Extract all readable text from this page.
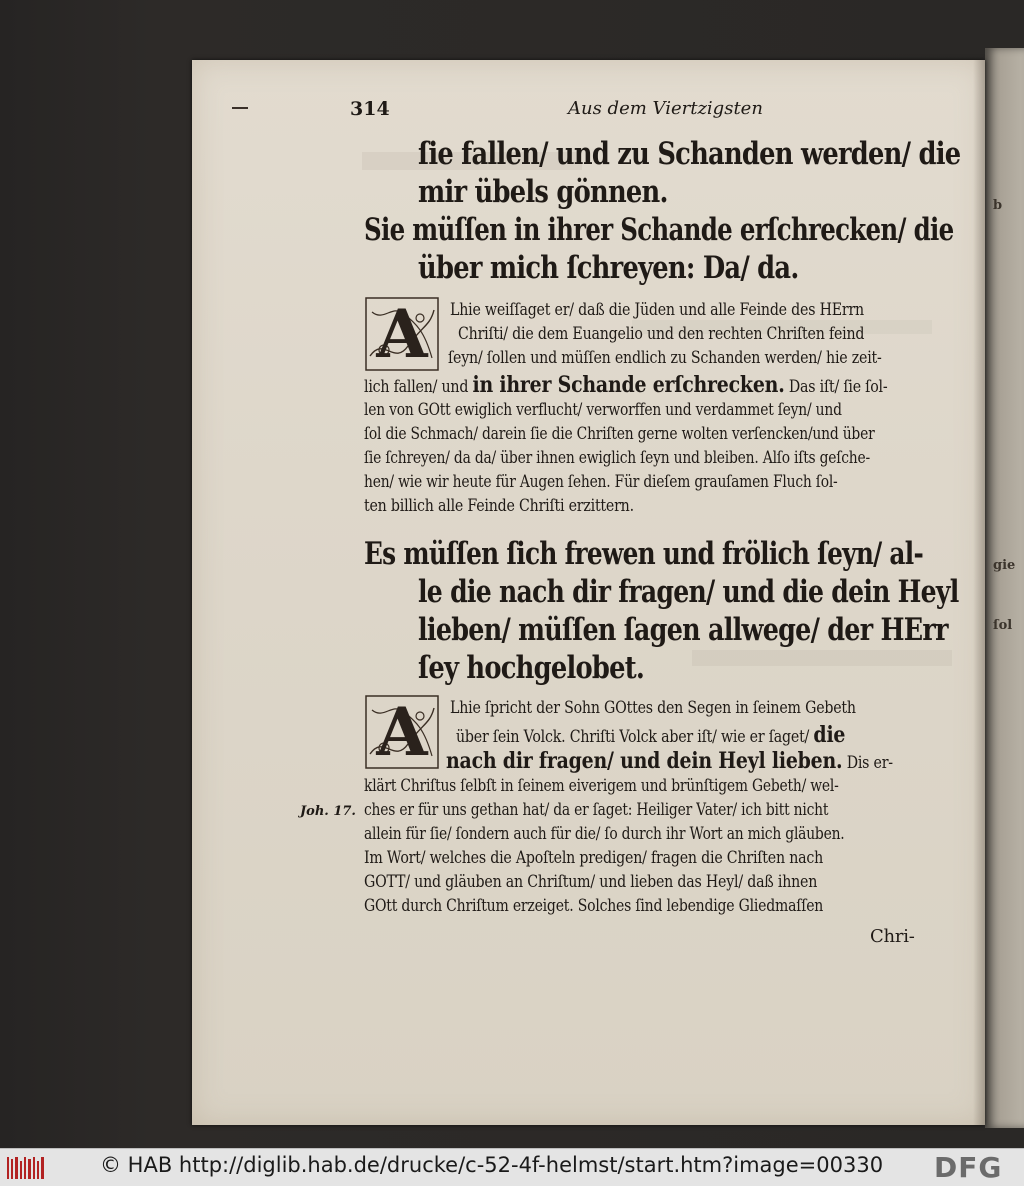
b
gie
ſol
314	Aus dem Viertzigsten
ſie fallen/ und zu Schanden werden/ die
mir übels gönnen.
Sie müſſen in ihrer Schande erſchrecken/ die
über mich ſchreyen: Da/ da.
A Lhie weiſſaget er/ daß die Jüden und alle Feinde des HErrn
Chriſti/ die dem Euangelio und den rechten Chriſten feind
ſeyn/ ſollen und müſſen endlich zu Schanden werden/ hie zeit-
lich fallen/ und in ihrer Schande erſchrecken. Das iſt/ ſie ſol-
len von GOtt ewiglich verflucht/ verworffen und verdammet ſeyn/ und
ſol die Schmach/ darein ſie die Chriſten gerne wolten verſencken/und über
ſie ſchreyen/ da da/ über ihnen ewiglich ſeyn und bleiben. Alſo iſts geſche-
hen/ wie wir heute für Augen ſehen. Für dieſem grauſamen Fluch ſol-
ten billich alle Feinde Chriſti erzittern.
Es müſſen ſich frewen und frölich ſeyn/ al-
le die nach dir fragen/ und die dein Heyl
lieben/ müſſen ſagen allwege/ der HErr
ſey hochgelobet.
A Lhie ſpricht der Sohn GOttes den Segen in ſeinem Gebeth
über ſein Volck. Chriſti Volck aber iſt/ wie er ſaget/ die
nach dir fragen/ und dein Heyl lieben. Dis er-
klärt Chriſtus ſelbſt in ſeinem eiverigem und brünſtigem Gebeth/ wel-
Joh. 17. ches er für uns gethan hat/ da er ſaget: Heiliger Vater/ ich bitt nicht
allein für ſie/ ſondern auch für die/ ſo durch ihr Wort an mich gläuben.
Im Wort/ welches die Apoſteln predigen/ fragen die Chriſten nach
GOTT/ und gläuben an Chriſtum/ und lieben das Heyl/ daß ihnen
GOtt durch Chriſtum erzeiget. Solches ſind lebendige Gliedmaſſen
Chri-
© HAB http://diglib.hab.de/drucke/c-52-4f-helmst/start.htm?image=00330 DFG
